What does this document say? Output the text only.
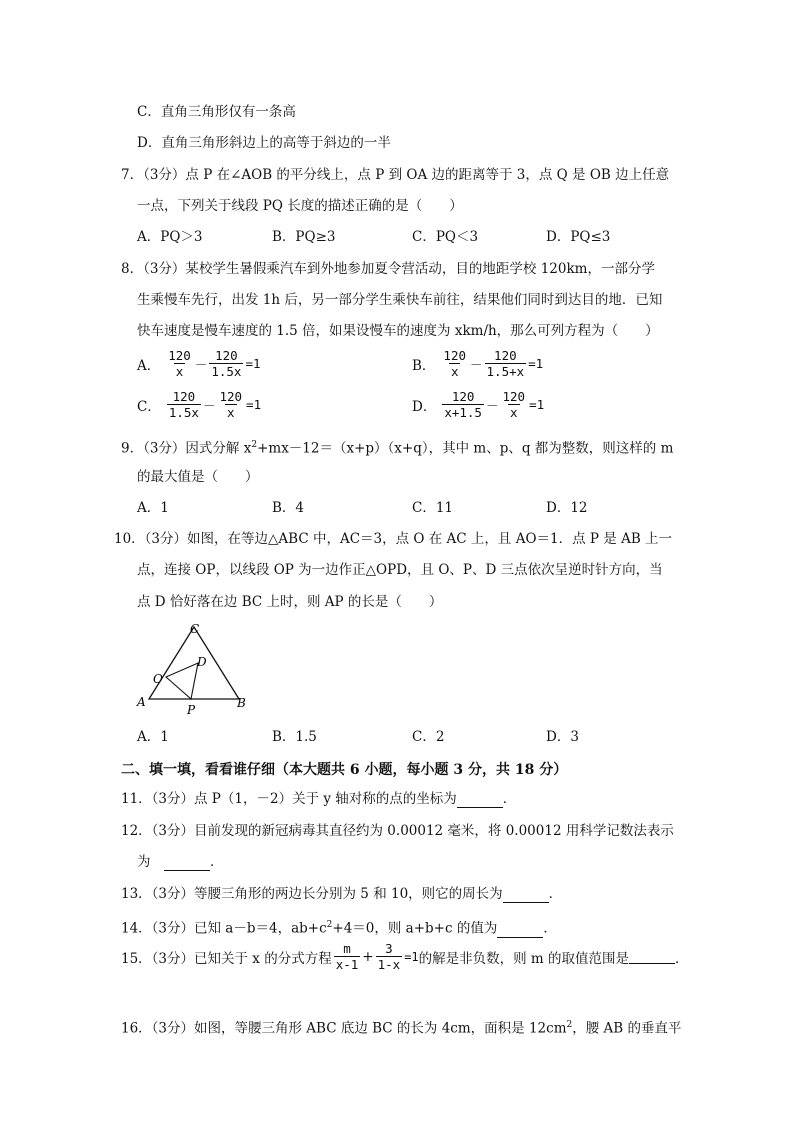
C．直角三角形仅有一条高
D．直角三角形斜边上的高等于斜边的一半
7．（3分）点 P 在∠AOB 的平分线上，点 P 到 OA 边的距离等于 3，点 Q 是 OB 边上任意
一点，下列关于线段 PQ 长度的描述正确的是（　　）
A．PQ＞3	B．PQ≥3	C．PQ＜3	D．PQ≤3
8．（3分）某校学生暑假乘汽车到外地参加夏令营活动，目的地距学校 120km，一部分学
生乘慢车先行，出发 1h 后，另一部分学生乘快车前往，结果他们同时到达目的地．已知
快车速度是慢车速度的 1.5 倍，如果设慢车的速度为 xkm/h，那么可列方程为（　　）
A． $\frac{120}{x} - \frac{120}{1.5x} =1$	B． $\frac{120}{x} - \frac{120}{1.5+x} =1$
C． $\frac{120}{1.5x} - \frac{120}{x} =1$	D． $\frac{120}{x+1.5} - \frac{120}{x} =1$
9．（3分）因式分解 $x^2+mx-12=(x+p)(x+q)$，其中 m、p、q 都为整数，则这样的 m
的最大值是（　　）
A．1	B．4	C．11	D．12
10．（3分）如图，在等边△ABC 中，AC＝3，点 O 在 AC 上，且 AO＝1．点 P 是 AB 上一
点，连接 OP，以线段 OP 为一边作正△OPD，且 O、P、D 三点依次呈逆时针方向，当
点 D 恰好落在边 BC 上时，则 AP 的长是（　　）
A	B
C
D
O
P
A．1	B．1.5	C．2	D．3
二、填一填，看看谁仔细（本大题共 6 小题，每小题 3 分，共 18 分）
11．（3分）点 P（1，－2）关于 y 轴对称的点的坐标为	．
12．（3分）目前发现的新冠病毒其直径约为 0.00012 毫米，将 0.00012 用科学记数法表示
为　	．
13．（3分）等腰三角形的两边长分别为 5 和 10，则它的周长为	．
14．（3分）已知 a－b＝4，$ab+c^2+4=0$，则 a+b+c 的值为	．
15．（3分）已知关于 x 的分式方程 $\frac{m}{x-1} + \frac{3}{1-x} =1$ 的解是非负数，则 m 的取值范围是	．
16．（3分）如图，等腰三角形 ABC 底边 BC 的长为 4cm，面积是 $12cm^2$，腰 AB 的垂直平
